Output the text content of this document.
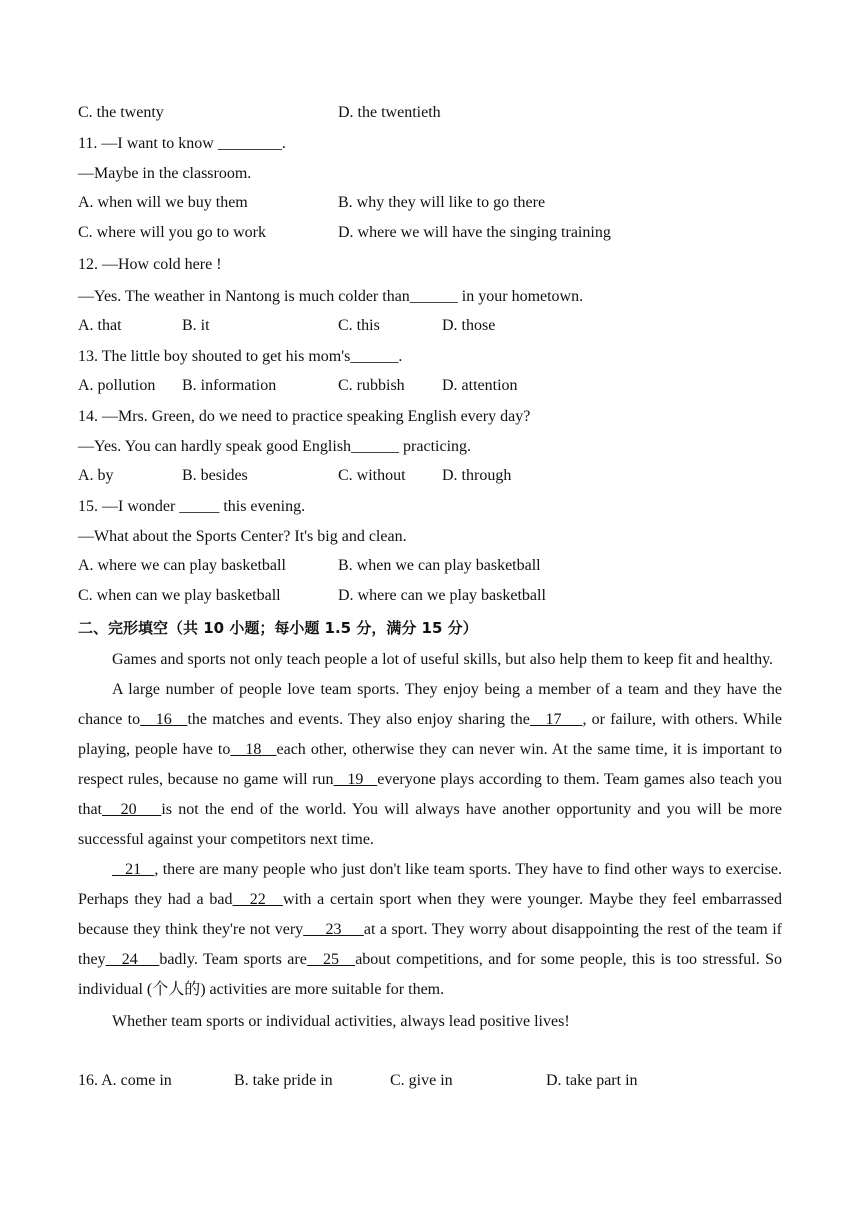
C. the twenty	D. the twentieth
11. —I want to know ________.
—Maybe in the classroom.
A. when will we buy them	B. why they will like to go there
C. where will you go to work	D. where we will have the singing training
12. —How cold here !
—Yes. The weather in Nantong is much colder than______ in your hometown.
A. that	B. it	C. this	D. those
13. The little boy shouted to get his mom's______.
A. pollution B. information	C. rubbish D. attention
14. —Mrs. Green, do we need to practice speaking English every day?
—Yes. You can hardly speak good English______ practicing.
A. by	B. besides	C. without D. through
15. —I wonder _____ this evening.
—What about the Sports Center? It's big and clean.
A. where we can play basketball	B. when we can play basketball
C. when can we play basketball	D. where can we play basketball
二、完形填空（共 10 小题；每小题 1.5 分，满分 15 分）

Games and sports not only teach people a lot of useful skills, but also help them to keep fit and healthy.

A large number of people love team sports. They enjoy being a member of a team and they have the chance to   16   the matches and events. They also enjoy sharing the   17    , or failure, with others. While playing, people have to   18   each other, otherwise they can never win. At the same time, it is important to respect rules, because no game will run   19   everyone plays according to them. Team games also teach you that   20    is not the end of the world. You will always have another opportunity and you will be more successful against your competitors next time.

21   , there are many people who just don't like team sports. They have to find other ways to exercise. Perhaps they had a bad   22   with a certain sport when they were younger. Maybe they feel embarrassed because they think they're not very     23     at a sport. They worry about disappointing the rest of the team if they   24    badly. Team sports are   25   about competitions, and for some people, this is too stressful. So individual (个人的) activities are more suitable for them.

Whether team sports or individual activities, always lead positive lives!

16. A. come in	B. take pride in	C. give in	D. take part in
